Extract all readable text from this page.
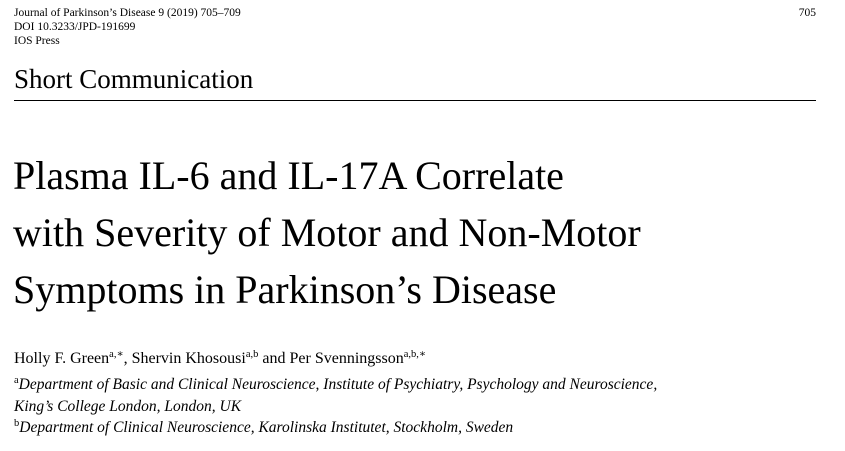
Journal of Parkinson’s Disease 9 (2019) 705–709
DOI 10.3233/JPD-191699
IOS Press
705
Short Communication
Plasma IL-6 and IL-17A Correlate
with Severity of Motor and Non-Motor
Symptoms in Parkinson’s Disease
Holly F. Green$^{a,∗}$, Shervin Khosousi$^{a,b}$ and Per Svenningsson$^{a,b,∗}$
$^a$Department of Basic and Clinical Neuroscience, Institute of Psychiatry, Psychology and Neuroscience,
King’s College London, London, UK
$^b$Department of Clinical Neuroscience, Karolinska Institutet, Stockholm, Sweden
